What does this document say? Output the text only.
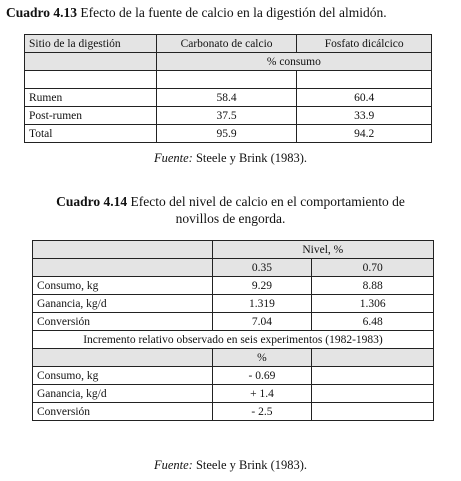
Cuadro 4.13 Efecto de la fuente de calcio en la digestión del almidón.
Sitio de la digestión	Carbonato de calcio	Fosfato dicálcico
	% consumo	

Rumen	58.4	60.4
Post-rumen	37.5	33.9
Total	95.9	94.2
Fuente: Steele y Brink (1983).
Cuadro 4.14 Efecto del nivel de calcio en el comportamiento de
novillos de engorda.
	Nivel, %	
	0.35	0.70
Consumo, kg	9.29	8.88
Ganancia, kg/d	1.319	1.306
Conversión	7.04	6.48
Incremento relativo observado en seis experimentos (1982-1983)		
	%	
Consumo, kg	- 0.69	
Ganancia, kg/d	+ 1.4	
Conversión	- 2.5	
Fuente: Steele y Brink (1983).
